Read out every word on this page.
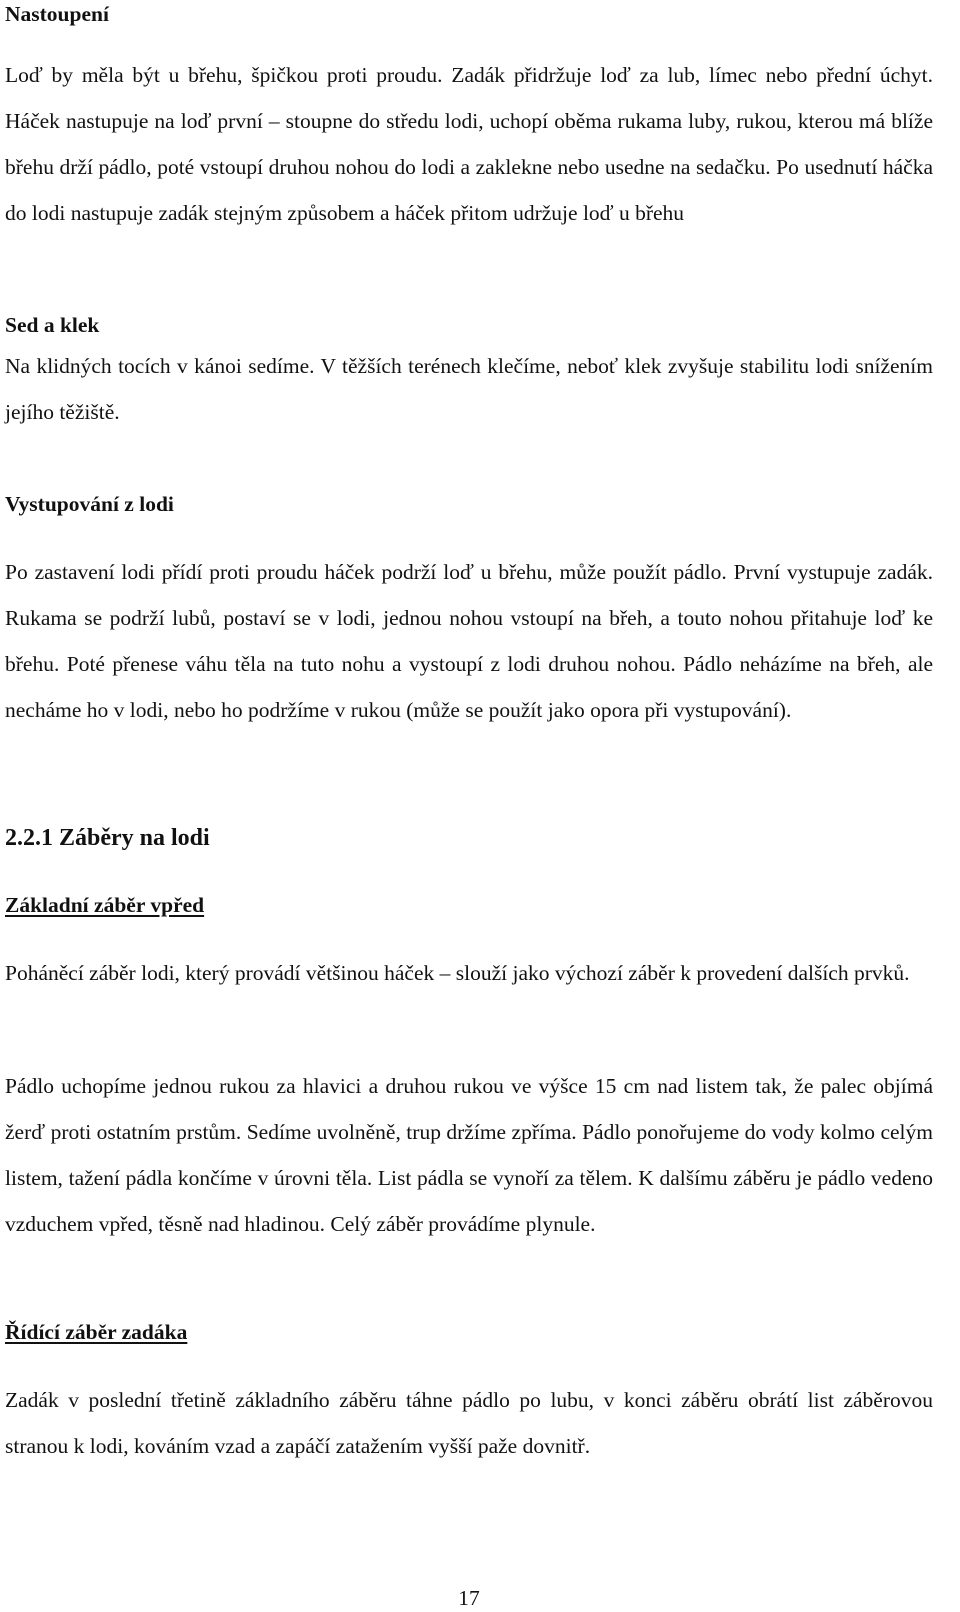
Nastoupení

Loď by měla být u břehu, špičkou proti proudu. Zadák přidržuje loď za lub, límec nebo přední úchyt. Háček nastupuje na loď první – stoupne do středu lodi, uchopí oběma rukama luby, rukou, kterou má blíže břehu drží pádlo, poté vstoupí druhou nohou do lodi a zaklekne nebo usedne na sedačku. Po usednutí háčka do lodi nastupuje zadák stejným způsobem a háček přitom udržuje loď u břehu

Sed a klek

Na klidných tocích v kánoi sedíme. V těžších terénech klečíme, neboť klek zvyšuje stabilitu lodi snížením jejího těžiště.

Vystupování z lodi

Po zastavení lodi přídí proti proudu háček podrží loď u břehu, může použít pádlo. První vystupuje zadák. Rukama se podrží lubů, postaví se v lodi, jednou nohou vstoupí na břeh, a touto nohou přitahuje loď ke břehu. Poté přenese váhu těla na tuto nohu a vystoupí z lodi druhou nohou. Pádlo neházíme na břeh, ale necháme ho v lodi, nebo ho podržíme v rukou (může se použít jako opora při vystupování).

2.2.1 Záběry na lodi
Základní záběr vpřed

Poháněcí záběr lodi, který provádí většinou háček – slouží jako výchozí záběr k provedení dalších prvků.

Pádlo uchopíme jednou rukou za hlavici a druhou rukou ve výšce 15 cm nad listem tak, že palec objímá žerď proti ostatním prstům. Sedíme uvolněně, trup držíme zpříma. Pádlo ponořujeme do vody kolmo celým listem, tažení pádla končíme v úrovni těla. List pádla se vynoří za tělem. K dalšímu záběru je pádlo vedeno vzduchem vpřed, těsně nad hladinou. Celý záběr provádíme plynule.

Řídící záběr zadáka

Zadák v poslední třetině základního záběru táhne pádlo po lubu, v konci záběru obrátí list záběrovou stranou k lodi, kováním vzad a zapáčí zatažením vyšší paže dovnitř.

17
